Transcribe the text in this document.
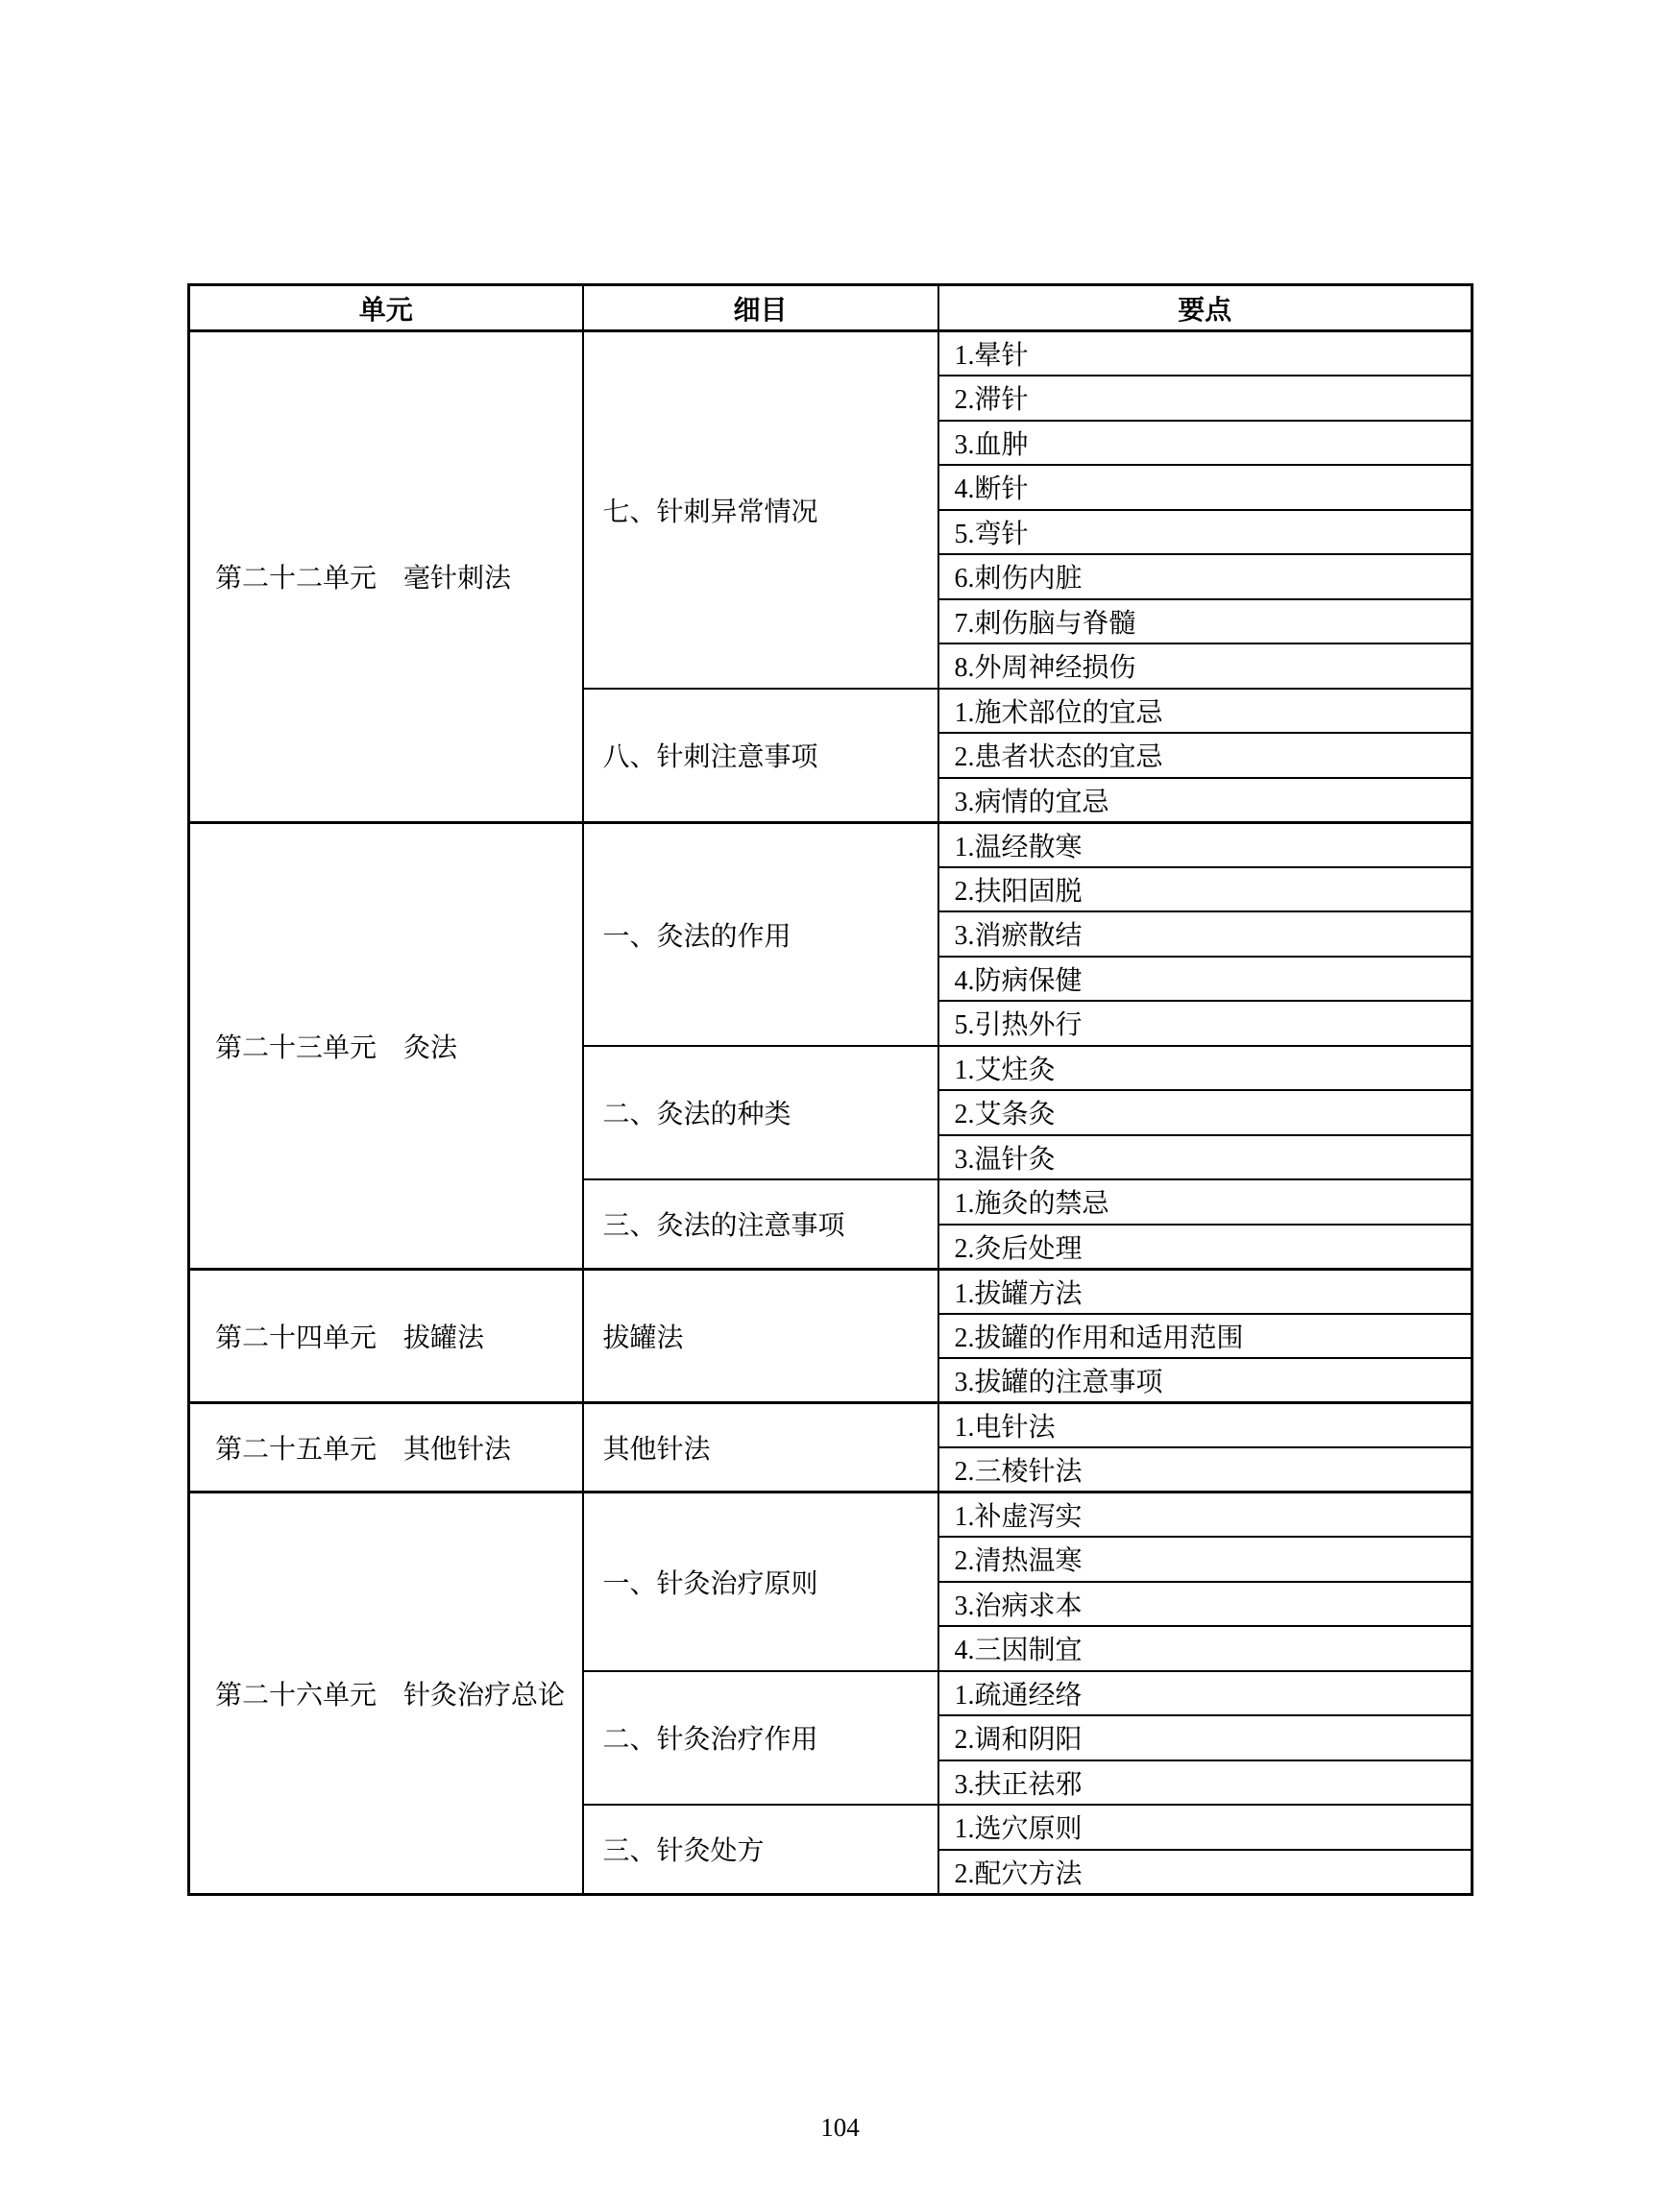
单元	细目	要点
第二十二单元　毫针刺法	七、针刺异常情况	1.晕针
		2.滞针
		3.血肿
		4.断针
		5.弯针
		6.刺伤内脏
		7.刺伤脑与脊髓
		8.外周神经损伤
	八、针刺注意事项	1.施术部位的宜忌
		2.患者状态的宜忌
		3.病情的宜忌
第二十三单元　灸法	一、灸法的作用	1.温经散寒
		2.扶阳固脱
		3.消瘀散结
		4.防病保健
		5.引热外行
	二、灸法的种类	1.艾炷灸
		2.艾条灸
		3.温针灸
	三、灸法的注意事项	1.施灸的禁忌
		2.灸后处理
第二十四单元　拔罐法	拔罐法	1.拔罐方法
		2.拔罐的作用和适用范围
		3.拔罐的注意事项
第二十五单元　其他针法	其他针法	1.电针法
		2.三棱针法
第二十六单元　针灸治疗总论	一、针灸治疗原则	1.补虚泻实
		2.清热温寒
		3.治病求本
		4.三因制宜
	二、针灸治疗作用	1.疏通经络
		2.调和阴阳
		3.扶正祛邪
	三、针灸处方	1.选穴原则
		2.配穴方法
104
